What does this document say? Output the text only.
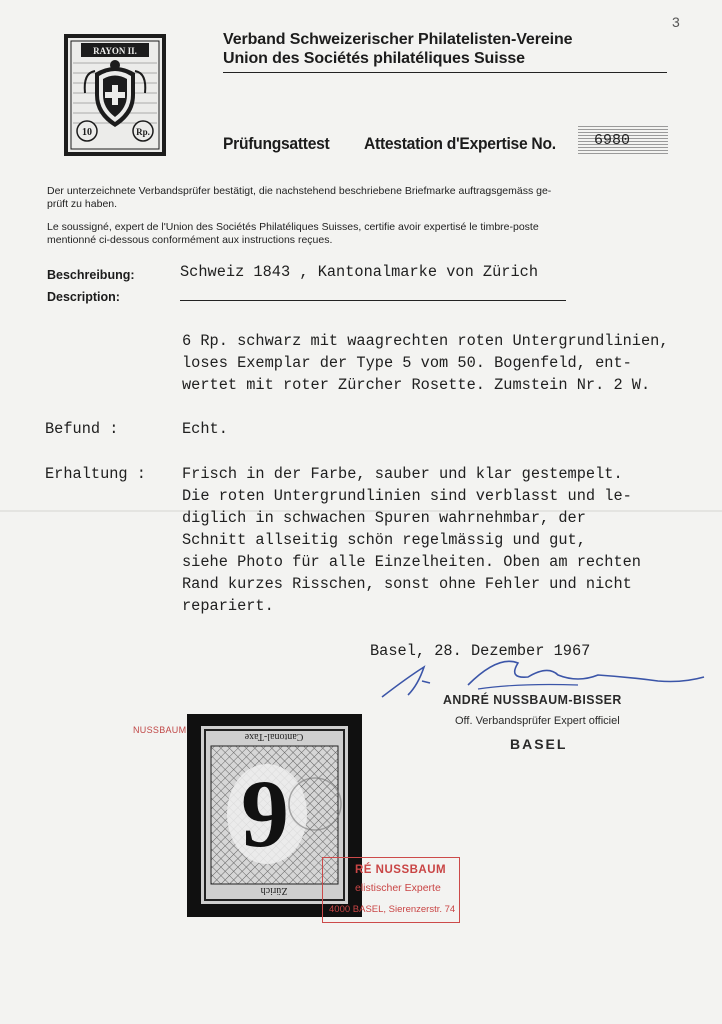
3
RAYON II.
10	Rp.
Verband Schweizerischer Philatelisten-Vereine
Union des Sociétés philatéliques Suisse
Prüfungsattest Attestation d'Expertise No.	6980
Der unterzeichnete Verbandsprüfer bestätigt, die nachstehend beschriebene Briefmarke auftragsgemäss ge-
prüft zu haben.
Le soussigné, expert de l'Union des Sociétés Philatéliques Suisses, certifie avoir expertisé le timbre-poste
mentionné ci-dessous conformément aux instructions reçues.
Beschreibung:
Description:
Schweiz 1843 , Kantonalmarke von Zürich
6 Rp. schwarz mit waagrechten roten Untergrundlinien,
loses Exemplar der Type 5 vom 50. Bogenfeld, ent-
wertet mit roter Zürcher Rosette. Zumstein Nr. 2 W.
Befund :	Echt.
Erhaltung : Frisch in der Farbe, sauber und klar gestempelt.
Die roten Untergrundlinien sind verblasst und le-
diglich in schwachen Spuren wahrnehmbar, der
Schnitt allseitig schön regelmässig und gut,
siehe Photo für alle Einzelheiten. Oben am rechten
Rand kurzes Risschen, sonst ohne Fehler und nicht
repariert.
Basel, 28. Dezember 1967
ANDRÉ NUSSBAUM-BISSER
Off. Verbandsprüfer Expert officiel
BASEL
NUSSBAUM
Cantonal-Taxe
Zürich
9
RÉ NUSSBAUM
elistischer Experte
4000 BASEL, Sierenzerstr. 74
